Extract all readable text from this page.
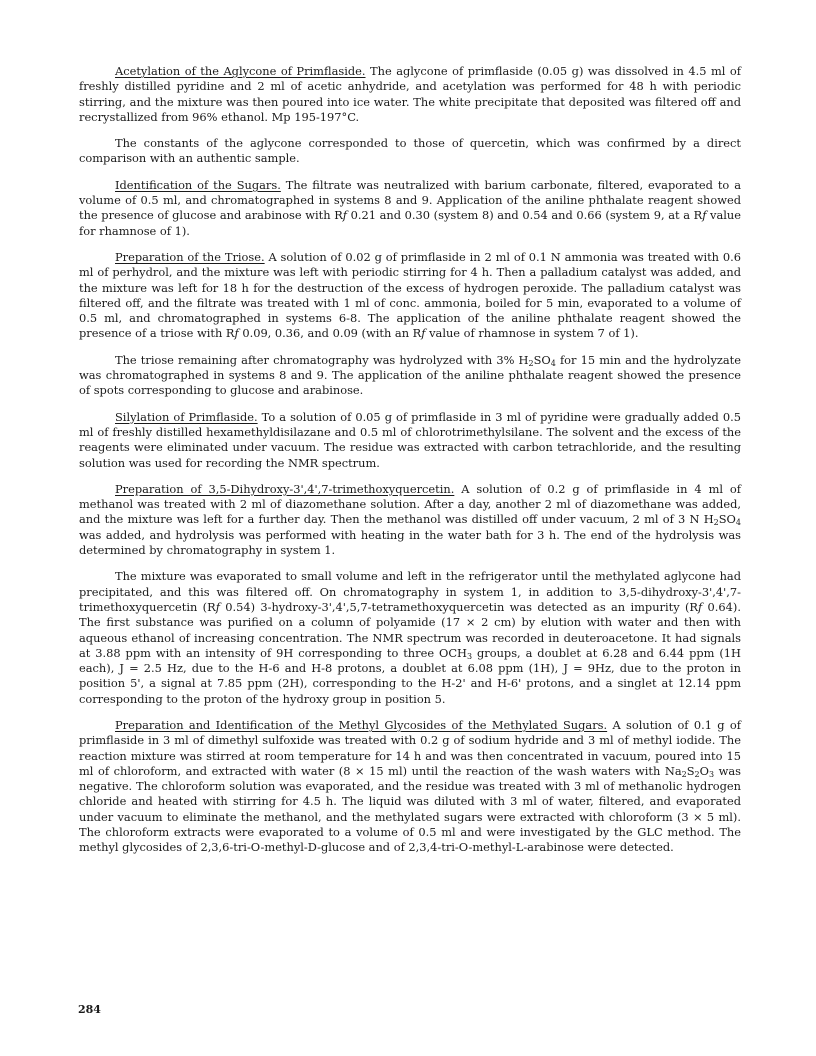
Acetylation of the Aglycone of Primflaside. The aglycone of primflaside (0.05 g) was dissolved in 4.5 ml of freshly distilled pyridine and 2 ml of acetic anhydride, and acetylation was performed for 48 h with periodic stirring, and the mixture was then poured into ice water. The white precipitate that deposited was filtered off and recrystallized from 96% ethanol. Mp 195-197°C.

The constants of the aglycone corresponded to those of quercetin, which was confirmed by a direct comparison with an authentic sample.

Identification of the Sugars. The filtrate was neutralized with barium carbonate, filtered, evaporated to a volume of 0.5 ml, and chromatographed in systems 8 and 9. Application of the aniline phthalate reagent showed the presence of glucose and arabinose with Rf 0.21 and 0.30 (system 8) and 0.54 and 0.66 (system 9, at a Rf value for rhamnose of 1).

Preparation of the Triose. A solution of 0.02 g of primflaside in 2 ml of 0.1 N ammonia was treated with 0.6 ml of perhydrol, and the mixture was left with periodic stirring for 4 h. Then a palladium catalyst was added, and the mixture was left for 18 h for the destruction of the excess of hydrogen peroxide. The palladium catalyst was filtered off, and the filtrate was treated with 1 ml of conc. ammonia, boiled for 5 min, evaporated to a volume of 0.5 ml, and chromatographed in systems 6-8. The application of the aniline phthalate reagent showed the presence of a triose with Rf 0.09, 0.36, and 0.09 (with an Rf value of rhamnose in system 7 of 1).

The triose remaining after chromatography was hydrolyzed with 3% $H_2SO_4$ for 15 min and the hydrolyzate was chromatographed in systems 8 and 9. The application of the aniline phthalate reagent showed the presence of spots corresponding to glucose and arabinose.

Silylation of Primflaside. To a solution of 0.05 g of primflaside in 3 ml of pyridine were gradually added 0.5 ml of freshly distilled hexamethyldisilazane and 0.5 ml of chlorotrimethylsilane. The solvent and the excess of the reagents were eliminated under vacuum. The residue was extracted with carbon tetrachloride, and the resulting solution was used for recording the NMR spectrum.

Preparation of 3,5-Dihydroxy-3',4',7-trimethoxyquercetin. A solution of 0.2 g of primflaside in 4 ml of methanol was treated with 2 ml of diazomethane solution. After a day, another 2 ml of diazomethane was added, and the mixture was left for a further day. Then the methanol was distilled off under vacuum, 2 ml of 3 N $H_2SO_4$ was added, and hydrolysis was performed with heating in the water bath for 3 h. The end of the hydrolysis was determined by chromatography in system 1.

The mixture was evaporated to small volume and left in the refrigerator until the methylated aglycone had precipitated, and this was filtered off. On chromatography in system 1, in addition to 3,5-dihydroxy-3',4',7-trimethoxyquercetin (Rf 0.54) 3-hydroxy-3',4',5,7-tetramethoxyquercetin was detected as an impurity (Rf 0.64). The first substance was purified on a column of polyamide (17 × 2 cm) by elution with water and then with aqueous ethanol of increasing concentration. The NMR spectrum was recorded in deuteroacetone. It had signals at 3.88 ppm with an intensity of 9H corresponding to three $OCH_3$ groups, a doublet at 6.28 and 6.44 ppm (1H each), J = 2.5 Hz, due to the H-6 and H-8 protons, a doublet at 6.08 ppm (1H), J = 9Hz, due to the proton in position 5', a signal at 7.85 ppm (2H), corresponding to the H-2' and H-6' protons, and a singlet at 12.14 ppm corresponding to the proton of the hydroxy group in position 5.

Preparation and Identification of the Methyl Glycosides of the Methylated Sugars. A solution of 0.1 g of primflaside in 3 ml of dimethyl sulfoxide was treated with 0.2 g of sodium hydride and 3 ml of methyl iodide. The reaction mixture was stirred at room temperature for 14 h and was then concentrated in vacuum, poured into 15 ml of chloroform, and extracted with water (8 × 15 ml) until the reaction of the wash waters with $Na_2S_2O_3$ was negative. The chloroform solution was evaporated, and the residue was treated with 3 ml of methanolic hydrogen chloride and heated with stirring for 4.5 h. The liquid was diluted with 3 ml of water, filtered, and evaporated under vacuum to eliminate the methanol, and the methylated sugars were extracted with chloroform (3 × 5 ml). The chloroform extracts were evaporated to a volume of 0.5 ml and were investigated by the GLC method. The methyl glycosides of 2,3,6-tri-O-methyl-D-glucose and of 2,3,4-tri-O-methyl-L-arabinose were detected.

284
